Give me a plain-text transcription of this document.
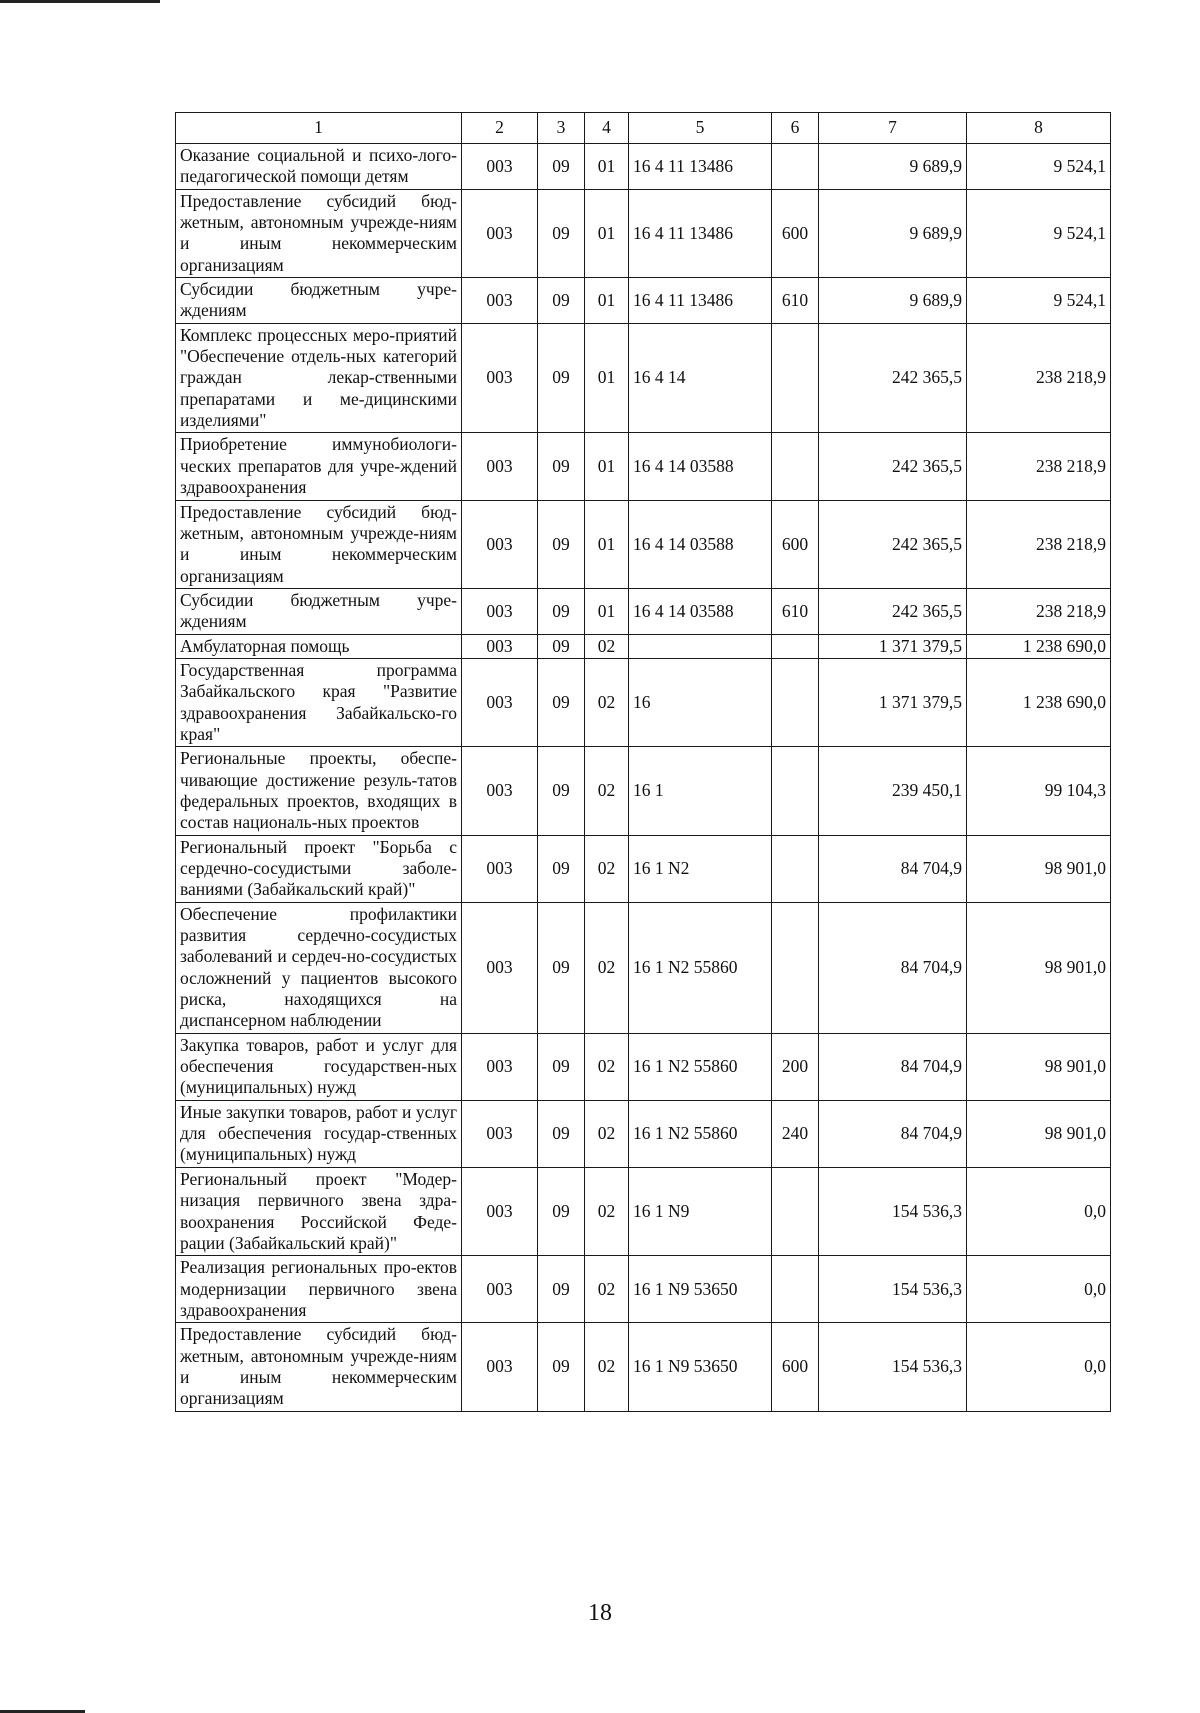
1	2	3	4	5	6	7	8
Оказание социальной и психо-лого-педагогической помощи детям	003	09	01	16 4 11 13486		9 689,9	9 524,1
Предоставление субсидий бюд-жетным, автономным учрежде-ниям и иным некоммерческим организациям	003	09	01	16 4 11 13486	600	9 689,9	9 524,1
Субсидии бюджетным учре-ждениям	003	09	01	16 4 11 13486	610	9 689,9	9 524,1
Комплекс процессных меро-приятий "Обеспечение отдель-ных категорий граждан лекар-ственными препаратами и ме-дицинскими изделиями"	003	09	01	16 4 14		242 365,5	238 218,9
Приобретение иммунобиологи-ческих препаратов для учре-ждений здравоохранения	003	09	01	16 4 14 03588		242 365,5	238 218,9
Предоставление субсидий бюд-жетным, автономным учрежде-ниям и иным некоммерческим организациям	003	09	01	16 4 14 03588	600	242 365,5	238 218,9
Субсидии бюджетным учре-ждениям	003	09	01	16 4 14 03588	610	242 365,5	238 218,9
Амбулаторная помощь	003	09	02			1 371 379,5	1 238 690,0
Государственная программа Забайкальского края "Развитие здравоохранения Забайкальско-го края"	003	09	02	16		1 371 379,5	1 238 690,0
Региональные проекты, обеспе-чивающие достижение резуль-татов федеральных проектов, входящих в состав националь-ных проектов	003	09	02	16 1		239 450,1	99 104,3
Региональный проект "Борьба с сердечно-сосудистыми заболе-ваниями (Забайкальский край)"	003	09	02	16 1 N2		84 704,9	98 901,0
Обеспечение профилактики развития сердечно-сосудистых заболеваний и сердеч-но-сосудистых осложнений у пациентов высокого риска, находящихся на диспансерном наблюдении	003	09	02	16 1 N2 55860		84 704,9	98 901,0
Закупка товаров, работ и услуг для обеспечения государствен-ных (муниципальных) нужд	003	09	02	16 1 N2 55860	200	84 704,9	98 901,0
Иные закупки товаров, работ и услуг для обеспечения государ-ственных (муниципальных) нужд	003	09	02	16 1 N2 55860	240	84 704,9	98 901,0
Региональный проект "Модер-низация первичного звена здра-воохранения Российской Феде-рации (Забайкальский край)"	003	09	02	16 1 N9		154 536,3	0,0
Реализация региональных про-ектов модернизации первичного звена здравоохранения	003	09	02	16 1 N9 53650		154 536,3	0,0
Предоставление субсидий бюд-жетным, автономным учрежде-ниям и иным некоммерческим организациям	003	09	02	16 1 N9 53650	600	154 536,3	0,0
18
